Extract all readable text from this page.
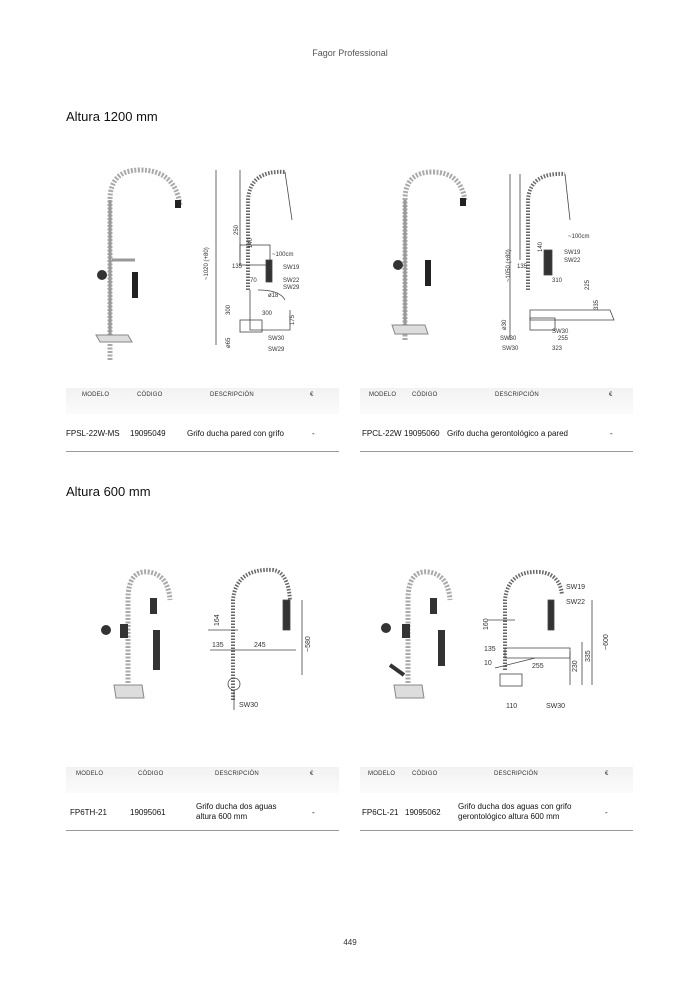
Fagor Professional
Altura 1200 mm
~1020 (+80)
250
140
~100cm
135	SW19
70	SW22
SW29
ø18
300	300
175
ø65	SW30
SW29
MODELO	CÓDIGO	DESCRIPCIÓN	€
FPSL-22W-MS 19095049	Grifo ducha pared con grifo	-
~1050 (+80)
140
~100cm
SW19
135
SW22
310	225
335
ø30
SW30
SW30
255
323
SW30
MODELO	CÓDIGO	DESCRIPCIÓN	€
FPCL-22W 19095060 Grifo ducha gerontológico a pared	-
Altura 600 mm
164
135	245	~580
SW30
MODELO	CÓDIGO	DESCRIPCIÓN	€
FP6TH-21	19095061
Grifo ducha dos aguas
altura 600 mm	-
SW19
SW22
160
135
10	255	230
335
~600
110	SW30
MODELO	CÓDIGO	DESCRIPCIÓN	€
FP6CL-21 19095062
Grifo ducha dos aguas con grifo
gerontológico altura 600 mm	-
449
